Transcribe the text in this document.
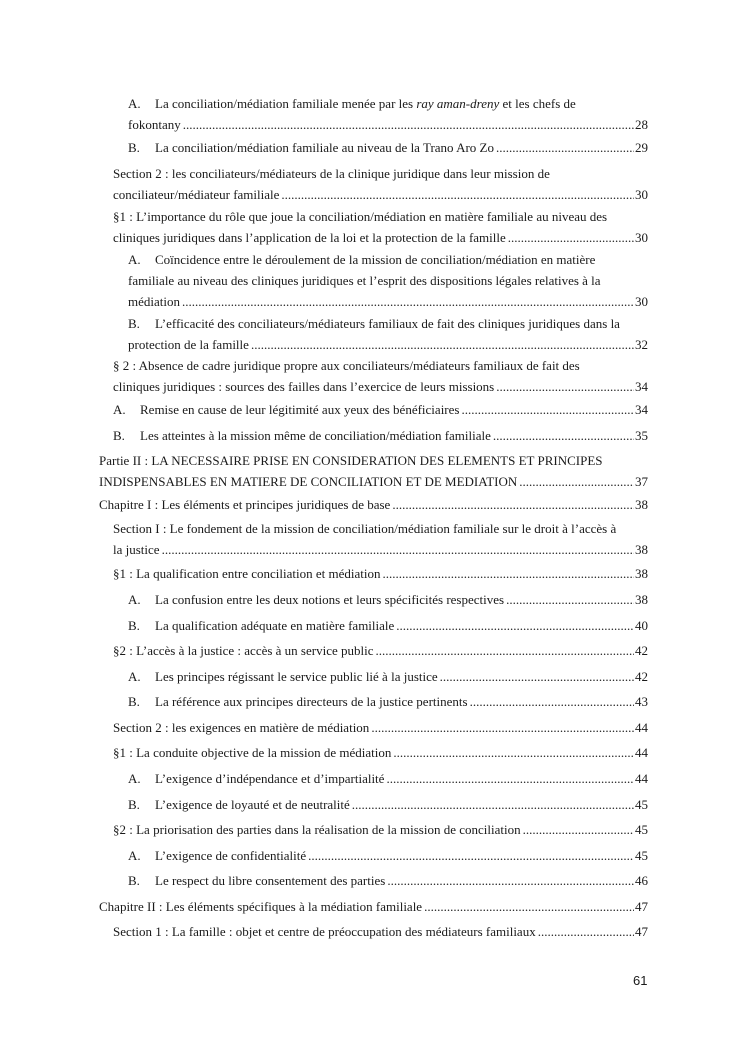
A. La conciliation/médiation familiale menée par les ray aman-dreny et les chefs de
fokontany .....	28
B.	La conciliation/médiation familiale au niveau de la Trano Aro Zo .....	29
Section 2 : les conciliateurs/médiateurs de la clinique juridique dans leur mission de
conciliateur/médiateur familiale .....	30
§1 : L’importance du rôle que joue la conciliation/médiation en matière familiale au niveau des
cliniques juridiques dans l’application de la loi et la protection de la famille .....	30
A. Coïncidence entre le déroulement de la mission de conciliation/médiation en matière
familiale au niveau des cliniques juridiques et l’esprit des dispositions légales relatives à la
médiation .....	30
B. L’efficacité des conciliateurs/médiateurs familiaux de fait des cliniques juridiques dans la
protection de la famille .....	32
§ 2 : Absence de cadre juridique propre aux conciliateurs/médiateurs familiaux de fait des
cliniques juridiques : sources des failles dans l’exercice de leurs missions .....	34
A.	Remise en cause de leur légitimité aux yeux des bénéficiaires .....	34
B.	Les atteintes à la mission même de conciliation/médiation familiale .....	35
Partie II : LA NECESSAIRE PRISE EN CONSIDERATION DES ELEMENTS ET PRINCIPES
INDISPENSABLES EN MATIERE DE CONCILIATION ET DE MEDIATION .....	37
Chapitre I : Les éléments et principes juridiques de base .....	38
Section I : Le fondement de la mission de conciliation/médiation familiale sur le droit à l’accès à
la justice .....	38
§1 : La qualification entre conciliation et médiation .....	38
A.	La confusion entre les deux notions et leurs spécificités respectives .....	38
B.	La qualification adéquate en matière familiale .....	40
§2 : L’accès à la justice : accès à un service public .....	42
A.	Les principes régissant le service public lié à la justice .....	42
B.	La référence aux principes directeurs de la justice pertinents .....	43
Section 2 : les exigences en matière de médiation .....	44
§1 : La conduite objective de la mission de médiation .....	44
A.	L’exigence d’indépendance et d’impartialité .....	44
B.	L’exigence de loyauté et de neutralité .....	45
§2 : La priorisation des parties dans la réalisation de la mission de conciliation .....	45
A.	L’exigence de confidentialité .....	45
B.	Le respect du libre consentement des parties .....	46
Chapitre II : Les éléments spécifiques à la médiation familiale .....	47
Section 1 : La famille : objet et centre de préoccupation des médiateurs familiaux .....	47
61
